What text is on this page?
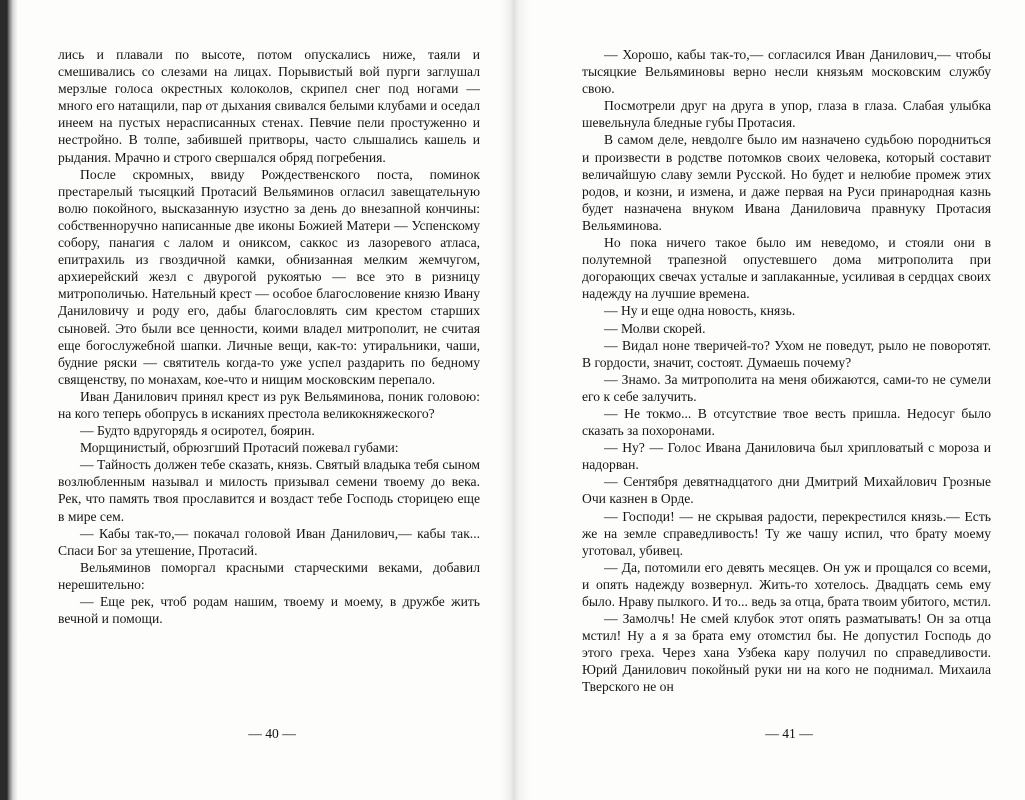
лись и плавали по высоте, потом опускались ниже, таяли и смешивались со слезами на лицах. Порывистый вой пурги заглушал мерзлые голоса окрестных колоколов, скрипел снег под ногами — много его натащили, пар от дыхания свивался белыми клубами и оседал инеем на пустых нерасписанных стенах. Певчие пели простуженно и нестройно. В толпе, забившей притворы, часто слышались кашель и рыдания. Мрачно и строго свершался обряд погребения.

После скромных, ввиду Рождественского поста, поминок престарелый тысяцкий Протасий Вельяминов огласил завещательную волю покойного, высказанную изустно за день до внезапной кончины: собственноручно написанные две иконы Божией Матери — Успенскому собору, панагия с лалом и ониксом, саккос из лазоревого атласа, епитрахиль из гвоздичной камки, обнизанная мелким жемчугом, архиерейский жезл с двурогой рукоятью — все это в ризницу митрополичью. Нательный крест — особое благословение князю Ивану Даниловичу и роду его, дабы благословлять сим крестом старших сыновей. Это были все ценности, коими владел митрополит, не считая еще богослужебной шапки. Личные вещи, как-то: утиральники, чаши, будние ряски — святитель когда-то уже успел раздарить по бедному священству, по монахам, кое-что и нищим московским перепало.

Иван Данилович принял крест из рук Вельяминова, поник головою: на кого теперь обопрусь в исканиях престола великокняжеского?

— Будто вдругорядь я осиротел, боярин.

Морщинистый, обрюзгший Протасий пожевал губами:

— Тайность должен тебе сказать, князь. Святый владыка тебя сыном возлюбленным называл и милость призывал семени твоему до века. Рек, что память твоя прославится и воздаст тебе Господь сторицею еще в мире сем.

— Кабы так-то,— покачал головой Иван Данилович,— кабы так... Спаси Бог за утешение, Протасий.

Вельяминов поморгал красными старческими веками, добавил нерешительно:

— Еще рек, чтоб родам нашим, твоему и моему, в дружбе жить вечной и помощи.

— 40 —

— Хорошо, кабы так-то,— согласился Иван Данилович,— чтобы тысяцкие Вельяминовы верно несли князьям московским службу свою.

Посмотрели друг на друга в упор, глаза в глаза. Слабая улыбка шевельнула бледные губы Протасия.

В самом деле, невдолге было им назначено судьбою породниться и произвести в родстве потомков своих человека, который составит величайшую славу земли Русской. Но будет и нелюбие промеж этих родов, и козни, и измена, и даже первая на Руси принародная казнь будет назначена внуком Ивана Даниловича правнуку Протасия Вельяминова.

Но пока ничего такое было им неведомо, и стояли они в полутемной трапезной опустевшего дома митрополита при догорающих свечах усталые и заплаканные, усиливая в сердцах своих надежду на лучшие времена.

— Ну и еще одна новость, князь.

— Молви скорей.

— Видал ноне тверичей-то? Ухом не поведут, рыло не поворотят. В гордости, значит, состоят. Думаешь почему?

— Знамо. За митрополита на меня обижаются, сами-то не сумели его к себе залучить.

— Не токмо... В отсутствие твое весть пришла. Недосуг было сказать за похоронами.

— Ну? — Голос Ивана Даниловича был хрипловатый с мороза и надорван.

— Сентября девятнадцатого дни Дмитрий Михайлович Грозные Очи казнен в Орде.

— Господи! — не скрывая радости, перекрестился князь.— Есть же на земле справедливость! Ту же чашу испил, что брату моему уготовал, убивец.

— Да, потомили его девять месяцев. Он уж и прощался со всеми, и опять надежду возвернул. Жить-то хотелось. Двадцать семь ему было. Нраву пылкого. И то... ведь за отца, брата твоим убитого, мстил.

— Замолчь! Не смей клубок этот опять разматывать! Он за отца мстил! Ну а я за брата ему отомстил бы. Не допустил Господь до этого греха. Через хана Узбека кару получил по справедливости. Юрий Данилович покойный руки ни на кого не поднимал. Михаила Тверского не он

— 41 —
